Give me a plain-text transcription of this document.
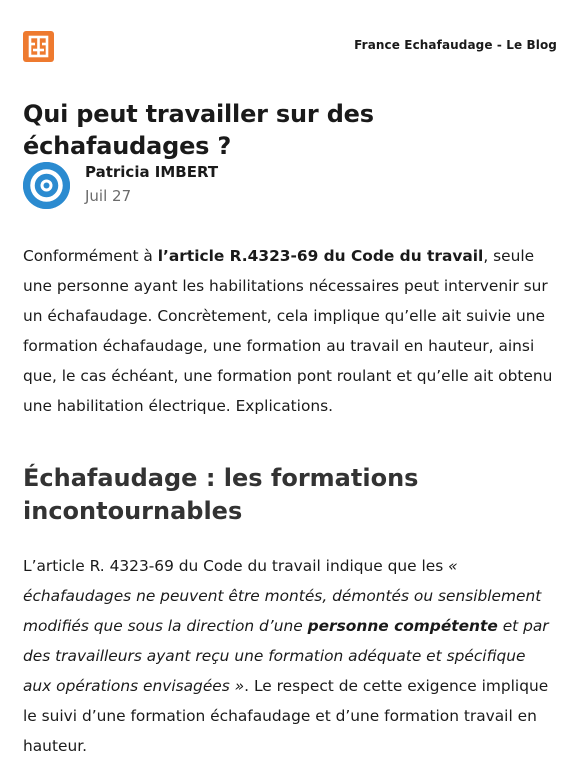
France Echafaudage - Le Blog
Qui peut travailler sur des échafaudages ?
Patricia IMBERT
Juil 27

Conformément à l’article R.4323-69 du Code du travail, seule une personne ayant les habilitations nécessaires peut intervenir sur un échafaudage. Concrètement, cela implique qu’elle ait suivie une formation échafaudage, une formation au travail en hauteur, ainsi que, le cas échéant, une formation pont roulant et qu’elle ait obtenu une habilitation électrique. Explications.

Échafaudage : les formations incontournables

L’article R. 4323-69 du Code du travail indique que les « échafaudages ne peuvent être montés, démontés ou sensiblement modifiés que sous la direction d’une personne compétente et par des travailleurs ayant reçu une formation adéquate et spécifique aux opérations envisagées ». Le respect de cette exigence implique le suivi d’une formation échafaudage et d’une formation travail en hauteur.
